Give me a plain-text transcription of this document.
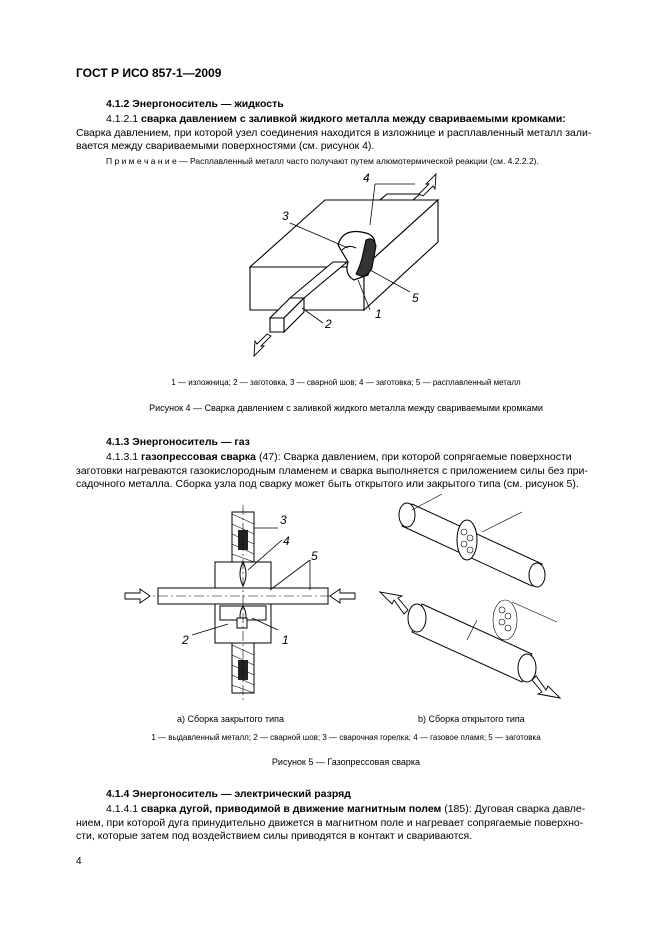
ГОСТ Р ИСО 857-1—2009
4.1.2 Энергоноситель — жидкость
4.1.2.1 сварка давлением с заливкой жидкого металла между свариваемыми кромками:
Сварка давлением, при которой узел соединения находится в изложнице и расплавленный металл зали-
вается между свариваемыми поверхностями (см. рисунок 4).
П р и м е ч а н и е — Расплавленный металл часто получают путем алюмотермической реакции (см. 4.2.2.2).
3
4
5
1
2
1 — изложница; 2 — заготовка, 3 — сварной шов; 4 — заготовка; 5 — расплавленный металл
Рисунок 4 — Сварка давлением с заливкой жидкого металла между свариваемыми кромками
4.1.3 Энергоноситель — газ
4.1.3.1 газопрессовая сварка (47): Сварка давлением, при которой сопрягаемые поверхности
заготовки нагреваются газокислородным пламенем и сварка выполняется с приложением силы без при-
садочного металла. Сборка узла под сварку может быть открытого или закрытого типа (см. рисунок 5).
3
4
5
2	1
a) Сборка закрытого типа	b) Сборка открытого типа
1 — выдавленный металл; 2 — сварной шов; 3 — сварочная горелка; 4 — газовое пламя; 5 — заготовка
Рисунок 5 — Газопрессовая сварка
4.1.4 Энергоноситель — электрический разряд
4.1.4.1 сварка дугой, приводимой в движение магнитным полем (185): Дуговая сварка давле-
нием, при которой дуга принудительно движется в магнитном поле и нагревает сопрягаемые поверхно-
сти, которые затем под воздействием силы приводятся в контакт и свариваются.
4
